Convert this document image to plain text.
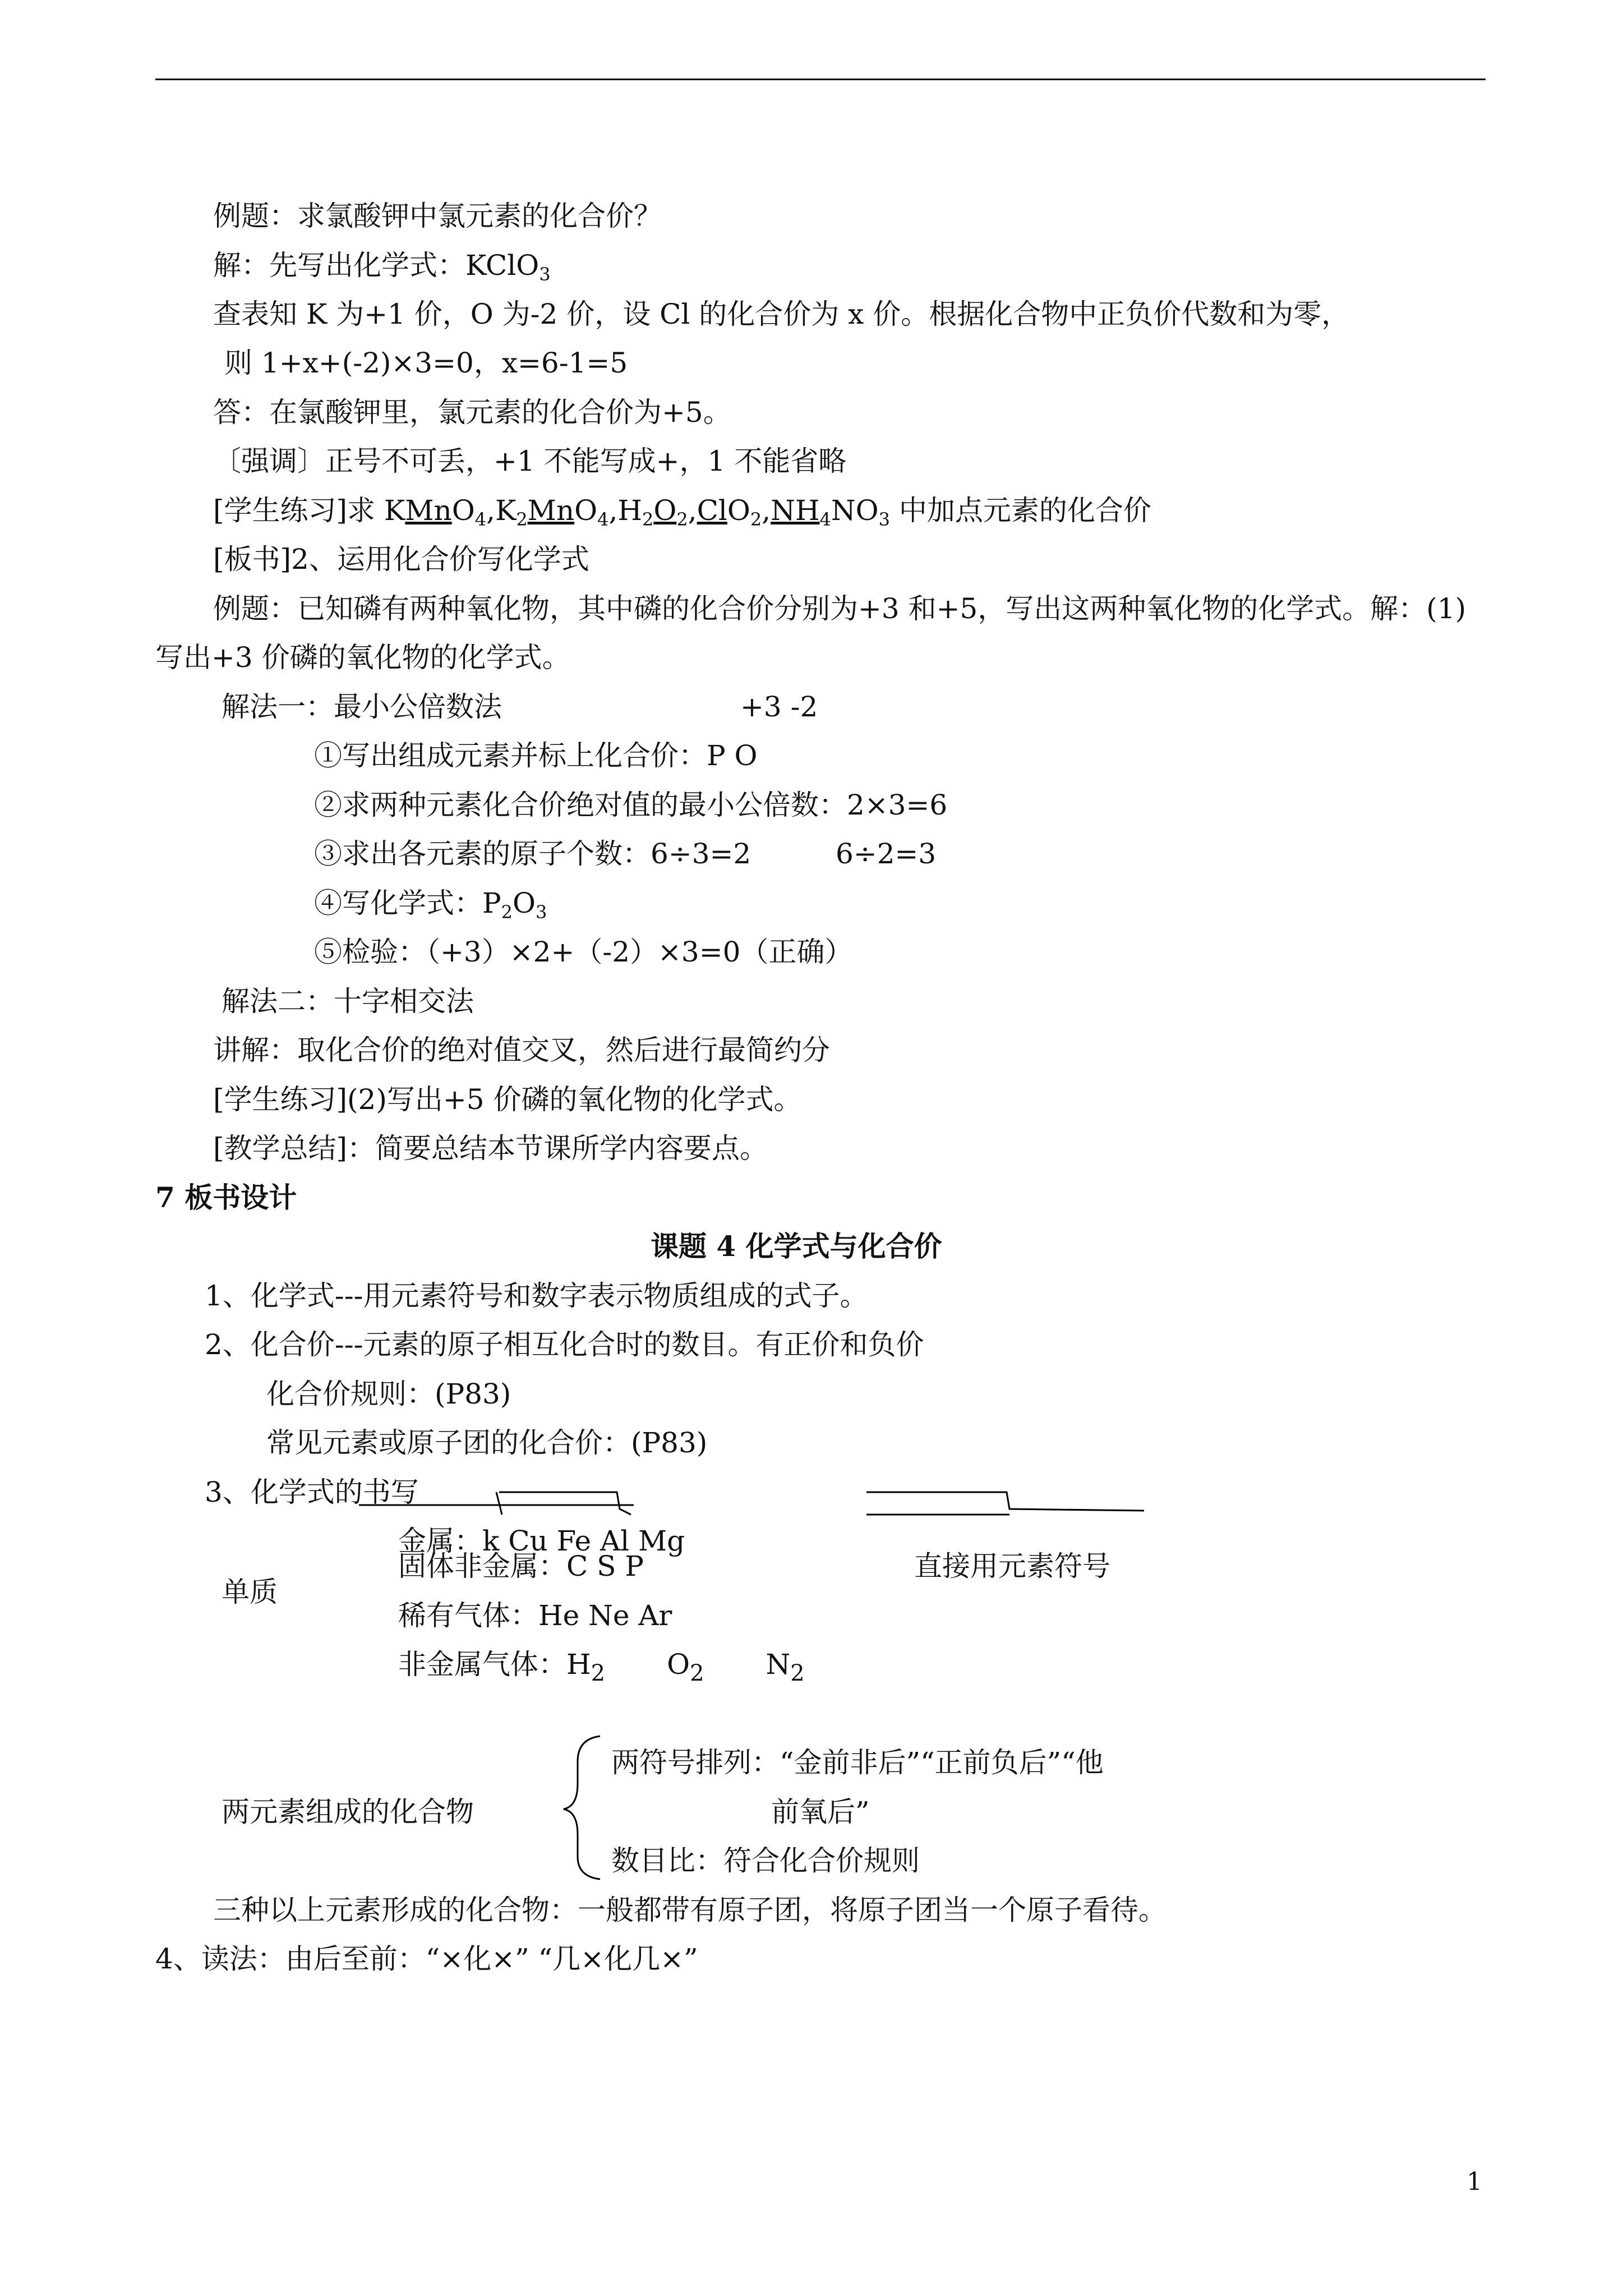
例题：求氯酸钾中氯元素的化合价？
解：先写出化学式：KClO$_3$
查表知 K 为+1 价，O 为-2 价，设 Cl 的化合价为 x 价。根据化合物中正负价代数和为零，
则 1+x+(-2)×3=0，x=6-1=5
答：在氯酸钾里，氯元素的化合价为+5。
〔强调〕正号不可丢，+1 不能写成+，1 不能省略
[学生练习]求 $KMnO_4,K_2MnO_4,H_2O_2,ClO_2,NH_4NO_3$ 中加点元素的化合价
[板书]2、运用化合价写化学式
例题：已知磷有两种氧化物，其中磷的化合价分别为+3 和+5，写出这两种氧化物的化学式。解：(1)
写出+3 价磷的氧化物的化学式。
解法一：最小公倍数法	+3 -2
①写出组成元素并标上化合价：P O
②求两种元素化合价绝对值的最小公倍数：2×3=6
③求出各元素的原子个数：6÷3=2	6÷2=3
④写化学式：$P_2O_3$
⑤检验：（+3）×2+（-2）×3=0（正确）
解法二：十字相交法
讲解：取化合价的绝对值交叉，然后进行最简约分
[学生练习](2)写出+5 价磷的氧化物的化学式。
[教学总结]：简要总结本节课所学内容要点。
7 板书设计
课题 4 化学式与化合价
1、化学式---用元素符号和数字表示物质组成的式子。
2、化合价---元素的原子相互化合时的数目。有正价和负价
化合价规则：(P83)
常见元素或原子团的化合价：(P83)
3、化学式的书写
金属：k Cu Fe Al Mg
单质
固体非金属：C S P	直接用元素符号
稀有气体：He Ne Ar
非金属气体：$H_2$ $O_2$ $N_2$
两符号排列：“金前非后”“正前负后”“他
两元素组成的化合物	前氧后”
数目比：符合化合价规则
三种以上元素形成的化合物：一般都带有原子团，将原子团当一个原子看待。
4、读法：由后至前：“×化×” “几×化几×”
1
